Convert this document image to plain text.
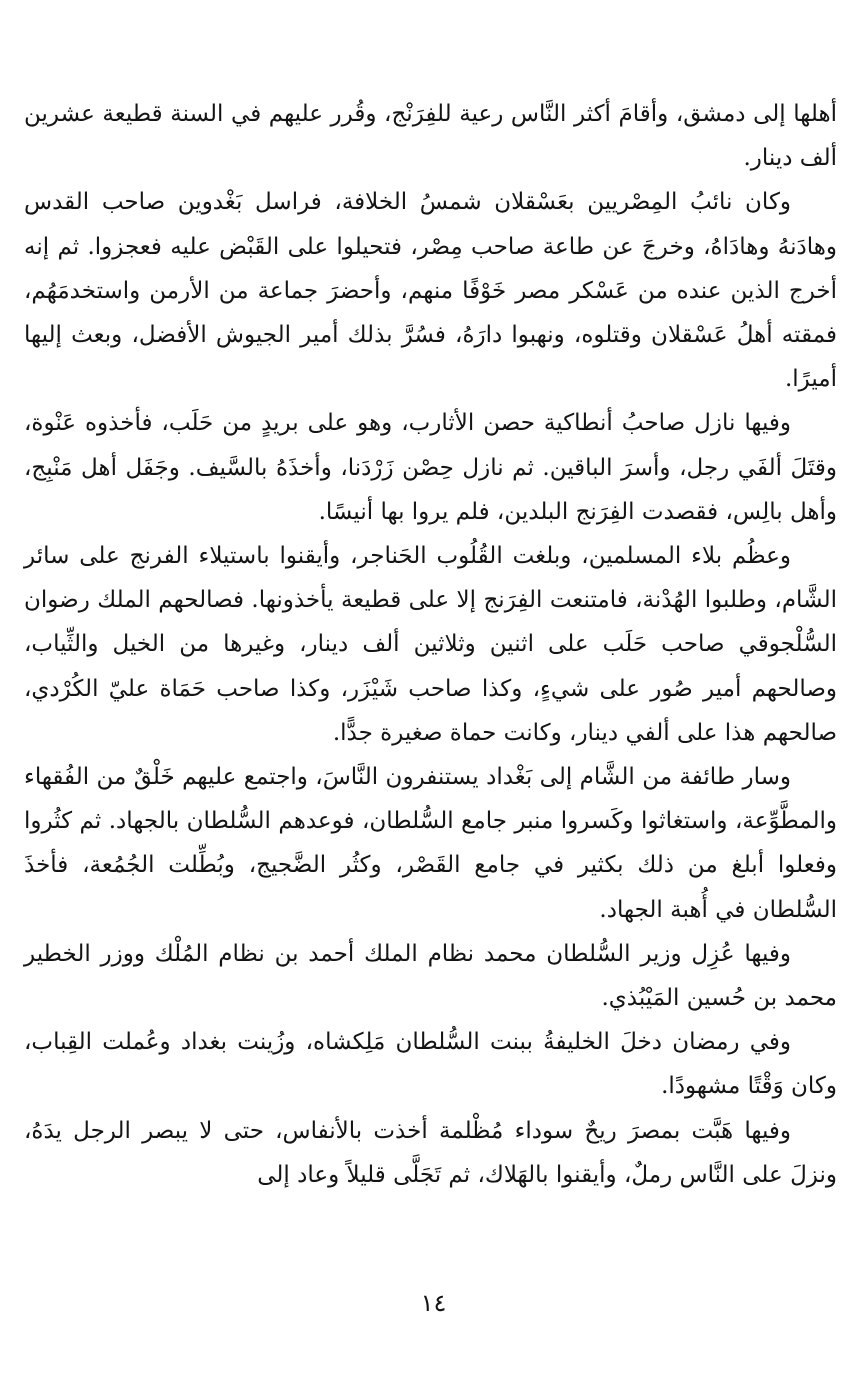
أهلها إلى دمشق، وأقامَ أكثر النَّاس رعية للفِرَنْج، وقُرر عليهم في السنة قطيعة عشرين ألف دينار.

وكان نائبُ المِصْريين بعَسْقلان شمسُ الخلافة، فراسل بَغْدوين صاحب القدس وهادَنهُ وهادَاهُ، وخرجَ عن طاعة صاحب مِصْر، فتحيلوا على القَبْض عليه فعجزوا. ثم إنه أخرج الذين عنده من عَسْكر مصر خَوْفًا منهم، وأحضرَ جماعة من الأرمن واستخدمَهُم، فمقته أهلُ عَسْقلان وقتلوه، ونهبوا دارَهُ، فسُرَّ بذلك أمير الجيوش الأفضل، وبعث إليها أميرًا.

وفيها نازل صاحبُ أنطاكية حصن الأثارب، وهو على بريدٍ من حَلَب، فأخذوه عَنْوة، وقتَلَ ألفَي رجل، وأسرَ الباقين. ثم نازل حِصْن زَرْدَنا، وأخذَهُ بالسَّيف. وجَفَل أهل مَنْبِج، وأهل بالِس، فقصدت الفِرَنج البلدين، فلم يروا بها أنيسًا.

وعظُم بلاء المسلمين، وبلغت القُلُوب الحَناجر، وأيقنوا باستيلاء الفرنج على سائر الشَّام، وطلبوا الهُدْنة، فامتنعت الفِرَنج إلا على قطيعة يأخذونها. فصالحهم الملك رضوان السُّلْجوقي صاحب حَلَب على اثنين وثلاثين ألف دينار، وغيرها من الخيل والثِّياب، وصالحهم أمير صُور على شيءٍ، وكذا صاحب شَيْزَر، وكذا صاحب حَمَاة عليّ الكُرْدي، صالحهم هذا على ألفي دينار، وكانت حماة صغيرة جدًّا.

وسار طائفة من الشَّام إلى بَغْداد يستنفرون النَّاسَ، واجتمع عليهم خَلْقٌ من الفُقهاء والمطَّوِّعة، واستغاثوا وكَسروا منبر جامع السُّلطان، فوعدهم السُّلطان بالجهاد. ثم كثُروا وفعلوا أبلغ من ذلك بكثير في جامع القَصْر، وكثُر الضَّجيج، وبُطِّلت الجُمُعة، فأخذَ السُّلطان في أُهبة الجهاد.

وفيها عُزِل وزير السُّلطان محمد نظام الملك أحمد بن نظام المُلْك ووزر الخطير محمد بن حُسين المَيْبُذي.

وفي رمضان دخلَ الخليفةُ ببنت السُّلطان مَلِكشاه، وزُينت بغداد وعُملت القِباب، وكان وَقْتًا مشهودًا.

وفيها هَبَّت بمصرَ ريحٌ سوداء مُظْلمة أخذت بالأنفاس، حتى لا يبصر الرجل يدَهُ، ونزلَ على النَّاس رملٌ، وأيقنوا بالهَلاك، ثم تَجَلَّى قليلاً وعاد إلى

١٤
